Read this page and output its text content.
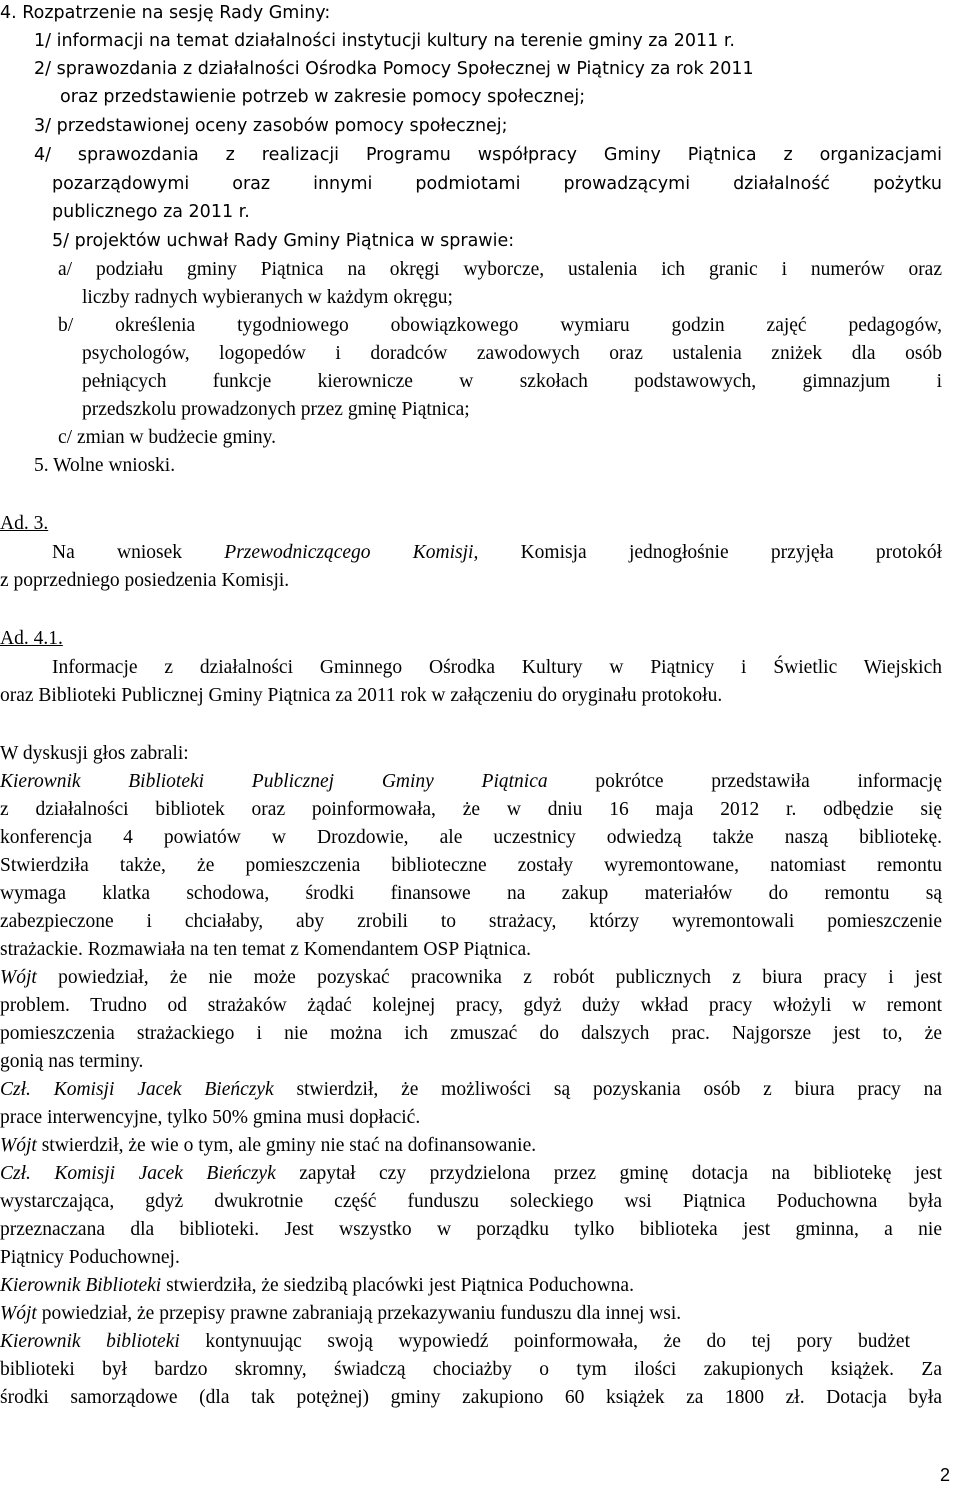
4. Rozpatrzenie na sesję Rady Gminy:
1/ informacji na temat działalności instytucji kultury na terenie gminy za 2011 r.
2/ sprawozdania z działalności Ośrodka Pomocy Społecznej w Piątnicy za rok 2011
oraz przedstawienie potrzeb w zakresie pomocy społecznej;
3/ przedstawionej oceny zasobów pomocy społecznej;
4/ sprawozdania z realizacji Programu współpracy Gminy Piątnica z organizacjami
pozarządowymi oraz innymi podmiotami prowadzącymi działalność pożytku
publicznego za 2011 r.
5/ projektów uchwał Rady Gminy Piątnica w sprawie:
a/ podziału gminy Piątnica na okręgi wyborcze, ustalenia ich granic i numerów oraz
liczby radnych wybieranych w każdym okręgu;
b/ określenia tygodniowego obowiązkowego wymiaru godzin zajęć pedagogów,
psychologów, logopedów i doradców zawodowych oraz ustalenia zniżek dla osób
pełniących funkcje kierownicze w szkołach podstawowych, gimnazjum i
przedszkolu prowadzonych przez gminę Piątnica;
c/ zmian w budżecie gminy.
5. Wolne wnioski.
Ad. 3.
Na wniosek Przewodniczącego Komisji, Komisja jednogłośnie przyjęła protokół
z poprzedniego posiedzenia Komisji.
Ad. 4.1.
Informacje z działalności Gminnego Ośrodka Kultury w Piątnicy i Świetlic Wiejskich
oraz Biblioteki Publicznej Gminy Piątnica za 2011 rok w załączeniu do oryginału protokołu.
W dyskusji głos zabrali:
Kierownik Biblioteki Publicznej Gminy Piątnica pokrótce przedstawiła informację
z działalności bibliotek oraz poinformowała, że w dniu 16 maja 2012 r. odbędzie się
konferencja 4 powiatów w Drozdowie, ale uczestnicy odwiedzą także naszą bibliotekę.
Stwierdziła także, że pomieszczenia biblioteczne zostały wyremontowane, natomiast remontu
wymaga klatka schodowa, środki finansowe na zakup materiałów do remontu są
zabezpieczone i chciałaby, aby zrobili to strażacy, którzy wyremontowali pomieszczenie
strażackie. Rozmawiała na ten temat z Komendantem OSP Piątnica.
Wójt powiedział, że nie może pozyskać pracownika z robót publicznych z biura pracy i jest
problem. Trudno od strażaków żądać kolejnej pracy, gdyż duży wkład pracy włożyli w remont
pomieszczenia strażackiego i nie można ich zmuszać do dalszych prac. Najgorsze jest to, że
gonią nas terminy.
Czł. Komisji Jacek Bieńczyk stwierdził, że możliwości są pozyskania osób z biura pracy na
prace interwencyjne, tylko 50% gmina musi dopłacić.
Wójt stwierdził, że wie o tym, ale gminy nie stać na dofinansowanie.
Czł. Komisji Jacek Bieńczyk zapytał czy przydzielona przez gminę dotacja na bibliotekę jest
wystarczająca, gdyż dwukrotnie część funduszu soleckiego wsi Piątnica Poduchowna była
przeznaczana dla biblioteki. Jest wszystko w porządku tylko biblioteka jest gminna, a nie
Piątnicy Poduchownej.
Kierownik Biblioteki stwierdziła, że siedzibą placówki jest Piątnica Poduchowna.
Wójt powiedział, że przepisy prawne zabraniają przekazywaniu funduszu dla innej wsi.
Kierownik biblioteki kontynuując swoją wypowiedź poinformowała, że do tej pory budżet
biblioteki był bardzo skromny, świadczą chociażby o tym ilości zakupionych książek. Za
środki samorządowe (dla tak potężnej) gminy zakupiono 60 książek za 1800 zł. Dotacja była
2
